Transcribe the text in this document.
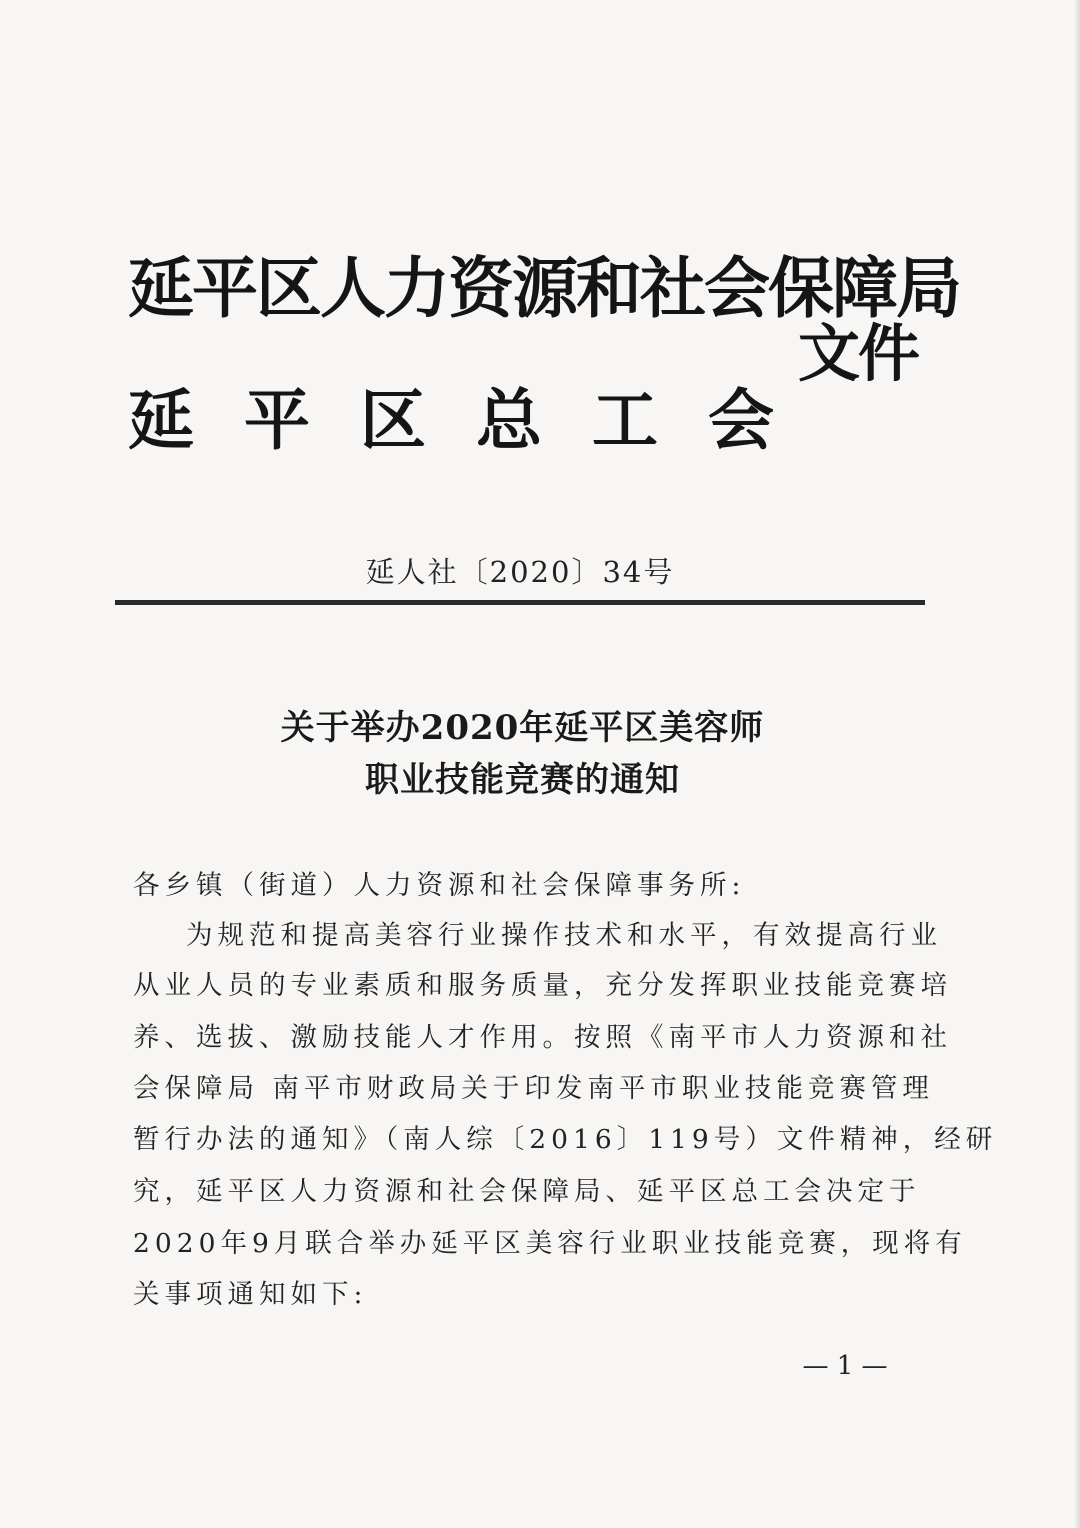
延平区人力资源和社会保障局
延平区总工会
文件
延人社〔2020〕34号
关于举办2020年延平区美容师
职业技能竞赛的通知
各乡镇（街道）人力资源和社会保障事务所:
为规范和提高美容行业操作技术和水平，有效提高行业
从业人员的专业素质和服务质量，充分发挥职业技能竞赛培
养、选拔、激励技能人才作用。按照《南平市人力资源和社
会保障局 南平市财政局关于印发南平市职业技能竞赛管理
暂行办法的通知》（南人综〔2016〕119号）文件精神，经研
究，延平区人力资源和社会保障局、延平区总工会决定于
2020年9月联合举办延平区美容行业职业技能竞赛，现将有
关事项通知如下:
— 1 —
